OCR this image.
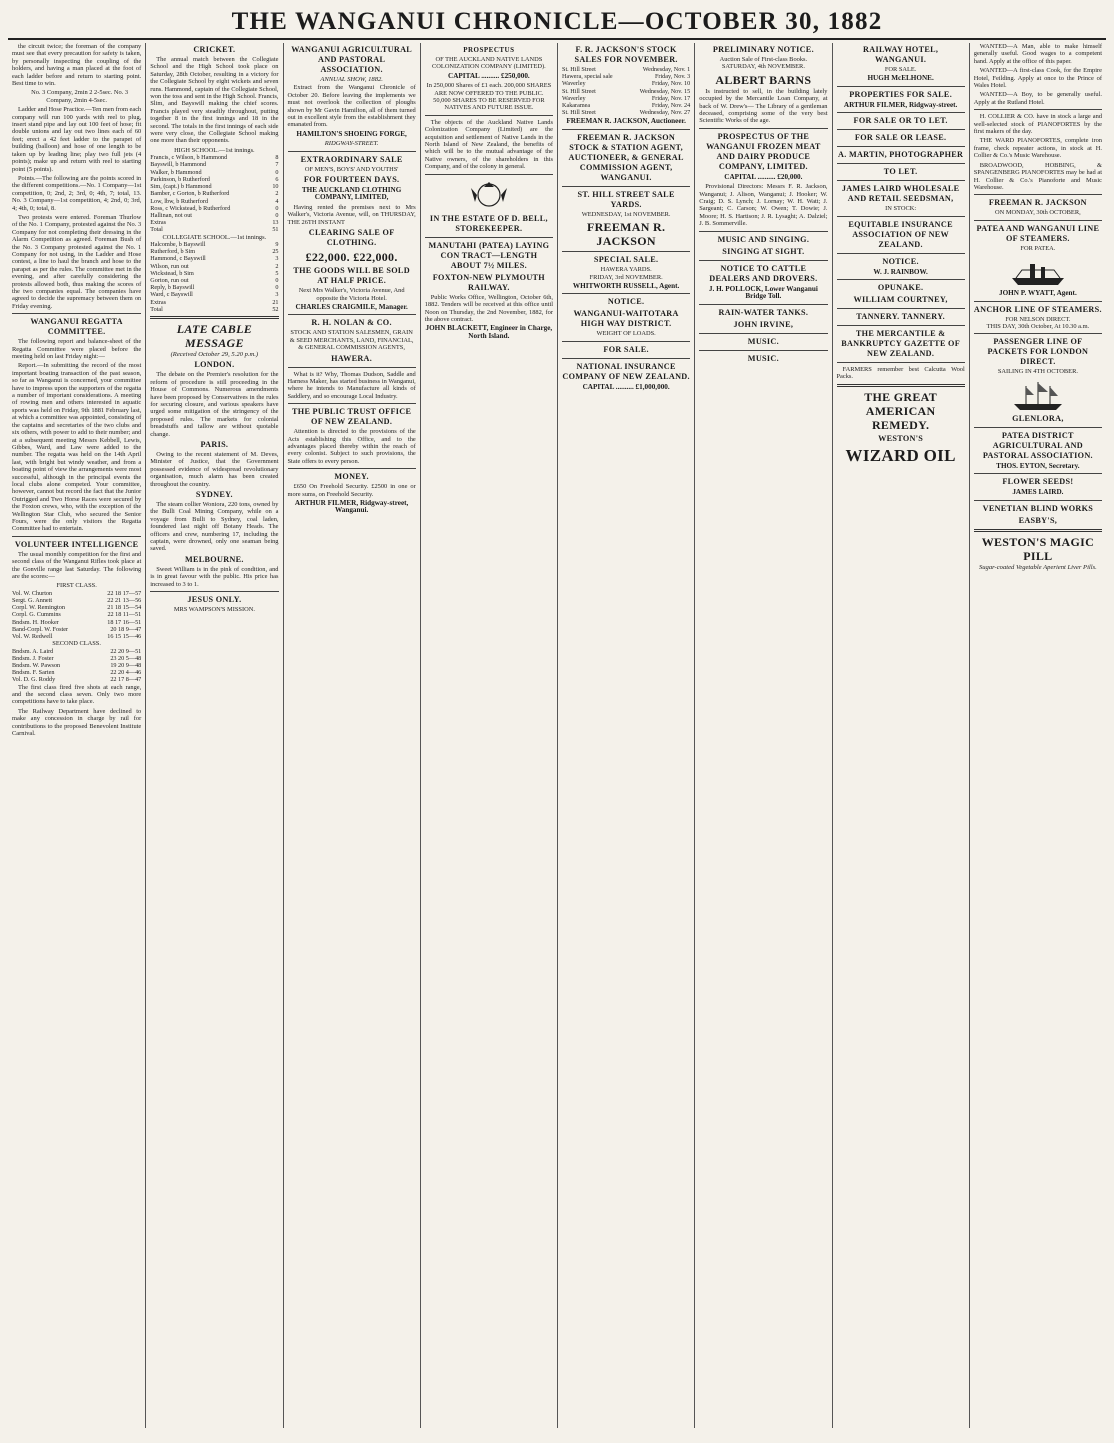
THE WANGANUI CHRONICLE—OCTOBER 30, 1882
the circuit twice; the foreman of the company must see that every precaution for safety is taken, by personally inspecting the coupling of the holders, and having a man placed at the foot of each ladder before and return to starting point. Best time to win.
No. 3 Company, 2min 2 2-5sec. No. 3 Company, 2min 4-5sec.
Ladder and Hose Practice.—Ten men from each company will run 100 yards with reel to plug, insert stand pipe and lay out 100 feet of hose; fit double unions and lay out two lines each of 60 feet; erect a 42 feet ladder to the parapet of building (balloon) and hose of one length to be taken up by leading line; play two full jets (4 points); make up and return with reel to starting point (5 points).
Points.—The following are the points scored in the different competitions.—No. 1 Company—1st competition, 0; 2nd, 2; 3rd, 0; 4th, 7; total, 13. No. 3 Company—1st competition, 4; 2nd, 0; 3rd, 4; 4th, 0; total, 8.
Two protests were entered. Foreman Thurlow of the No. 1 Company, protested against the No. 3 Company for not completing their dressing in the Alarm Competition as agreed. Foreman Bush of the No. 3 Company protested against the No. 1 Company for not using, in the Ladder and Hose contest, a line to haul the branch and hose to the parapet as per the rules. The committee met in the evening, and after carefully considering the protests allowed both, thus making the scores of the two companies equal. The companies have agreed to decide the supremacy between them on Friday evening.
WANGANUI REGATTA COMMITTEE.
The following report and balance-sheet of the Regatta Committee were placed before the meeting held on last Friday night:—
Report.—In submitting the record of the most important boating transaction of the past season, so far as Wanganui is concerned, your committee have to impress upon the supporters of the regatta a number of important considerations. A meeting of rowing men and others interested in aquatic sports was held on Friday, 9th 1881 February last, at which a committee was appointed, consisting of the captains and secretaries of the two clubs and six others, with power to add to their number; and at a subsequent meeting Messrs Kebbell, Lewis, Gibbes, Ward, and Law were added to the number. The regatta was held on the 14th April last, with bright but windy weather, and from a boating point of view the arrangements were most successful, although in the principal events the local clubs alone competed. Your committee, however, cannot but record the fact that the Junior Outrigged and Two Horse Races were secured by the Foxton crews, who, with the exception of the Wellington Star Club, who secured the Senior Fours, were the only visitors the Regatta Committee had to entertain.
VOLUNTEER INTELLIGENCE
The usual monthly competition for the first and second class of the Wanganui Rifles took place at the Gonville range last Saturday. The following are the scores:—
FIRST CLASS.
Vol. W. Churton	22 18 17—57
Sergt. G. Annett	22 21 13—56
Corpl. W. Remington	21 18 15—54
Corpl. G. Cummins	22 18 11—51
Bndsm. H. Hooker	18 17 16—51
Band-Corpl. W. Foster	20 18 9—47
Vol. W. Redwell	16 15 15—46
SECOND CLASS.
Bndsm. A. Laird	22 20 9—51
Bndsm. J. Foster	23 20 5—48
Bndsm. W. Pawson	19 20 9—48
Bndsm. F. Sarten	22 20 4—46
Vol. D. G. Roddy	22 17 8—47
The first class fired five shots at each range, and the second class seven. Only two more competitions have to take place.
The Railway Department have declined to make any concession in charge by rail for contributions to the proposed Benevolent Institute Carnival.
CRICKET.
The annual match between the Collegiate School and the High School took place on Saturday, 28th October, resulting in a victory for the Collegiate School by eight wickets and seven runs. Hammond, captain of the Collegiate School, won the toss and sent in the High School. Francis, Slim, and Bayswill making the chief scores. Francis played very steadily throughout, putting together 8 in the first innings and 18 in the second. The totals in the first innings of each side were very close, the Collegiate School making one more than their opponents.
HIGH SCHOOL.—1st innings.
Francis, c Wilson, b Hammond	8
Bayswill, b Hammond	7
Walker, b Hammond	0
Parkinson, b Rutherford	6
Sim, (capt.) b Hammond	10
Bamber, c Gorton, b Rutherford	2
Low, lbw, b Rutherford	4
Ross, c Wickstead, b Rutherford	0
Hallinan, not out	0
Extras	13
Total	51
COLLEGIATE SCHOOL.—1st innings.
Halcombe, b Bayswill	9
Rutherford, b Sim	25
Hammond, c Bayswill	3
Wilson, run out	2
Wickstead, b Sim	5
Gorton, run out	0
Reply, b Bayswill	0
Ward, c Bayswill	3
Extras	21
Total	52
LATE CABLE MESSAGE
(Received October 29, 5.20 p.m.)
LONDON.
The debate on the Premier's resolution for the reform of procedure is still proceeding in the House of Commons. Numerous amendments have been proposed by Conservatives in the rules for securing closure, and various speakers have urged some mitigation of the stringency of the proposed rules. The markets for colonial breadstuffs and tallow are without quotable change.
PARIS.
Owing to the recent statement of M. Deves, Minister of Justice, that the Government possessed evidence of widespread revolutionary organisation, much alarm has been created throughout the country.
SYDNEY.
The steam collier Woniora, 220 tons, owned by the Bulli Coal Mining Company, while on a voyage from Bulli to Sydney, coal laden, foundered last night off Botany Heads. The officers and crew, numbering 17, including the captain, were drowned, only one seaman being saved.
MELBOURNE.
Sweet William is in the pink of condition, and is in great favour with the public. His price has increased to 3 to 1.
JESUS ONLY.
MRS WAMPSON'S MISSION.
WANGANUI AGRICULTURAL AND PASTORAL ASSOCIATION.
ANNUAL SHOW, 1882.
Extract from the Wanganui Chronicle of October 20. Before leaving the implements we must not overlook the collection of ploughs shown by Mr Gavin Hamilton, all of them turned out in excellent style from the establishment they emanated from.
HAMILTON'S SHOEING FORGE,
RIDGWAY-STREET.
EXTRAORDINARY SALE
OF MEN'S, BOYS' AND YOUTHS'
FOR FOURTEEN DAYS.
THE AUCKLAND CLOTHING COMPANY, LIMITED,
Having rented the premises next to Mrs Walker's, Victoria Avenue, will, on THURSDAY, THE 26TH INSTANT
CLEARING SALE OF CLOTHING.
£22,000. £22,000.
THE GOODS WILL BE SOLD AT HALF PRICE.
Next Mrs Walker's, Victoria Avenue, And opposite the Victoria Hotel.
CHARLES CRAIGMILE, Manager.
R. H. NOLAN & CO.
STOCK AND STATION SALESMEN, GRAIN & SEED MERCHANTS, LAND, FINANCIAL, & GENERAL COMMISSION AGENTS,
HAWERA.
What is it? Why, Thomas Dudson, Saddle and Harness Maker, has started business in Wanganui, where he intends to Manufacture all kinds of Saddlery, and so encourage Local Industry.
THE PUBLIC TRUST OFFICE OF NEW ZEALAND.
Attention is directed to the provisions of the Acts establishing this Office, and to the advantages placed thereby within the reach of every colonist. Subject to such provisions, the State offers to every person.
MONEY.
£650 On Freehold Security. £2500 in one or more sums, on Freehold Security.
ARTHUR FILMER, Ridgway-street, Wanganui.
PROSPECTUS
OF THE AUCKLAND NATIVE LANDS COLONIZATION COMPANY (LIMITED).
CAPITAL .......... £250,000.
In 250,000 Shares of £1 each. 200,000 SHARES ARE NOW OFFERED TO THE PUBLIC. 50,000 SHARES TO BE RESERVED FOR NATIVES AND FUTURE ISSUE.
The objects of the Auckland Native Lands Colonization Company (Limited) are the acquisition and settlement of Native Lands in the North Island of New Zealand, the benefits of which will be to the mutual advantage of the Native owners, of the shareholders in this Company, and of the colony in general.
IN THE ESTATE OF D. BELL, STOREKEEPER.
MANUTAHI (PATEA) LAYING CON TRACT—LENGTH ABOUT 7½ MILES.
FOXTON-NEW PLYMOUTH RAILWAY.
Public Works Office, Wellington, October 6th, 1882. Tenders will be received at this office until Noon on Thursday, the 2nd November, 1882, for the above contract.
JOHN BLACKETT, Engineer in Charge, North Island.
F. R. JACKSON'S STOCK SALES FOR NOVEMBER.
St. Hill Street	Wednesday, Nov. 1
Hawera, special sale	Friday, Nov. 3
Waverley	Friday, Nov. 10
St. Hill Street	Wednesday, Nov. 15
Waverley	Friday, Nov. 17
Kakaramea	Friday, Nov. 24
St. Hill Street	Wednesday, Nov. 27
FREEMAN R. JACKSON, Auctioneer.
FREEMAN R. JACKSON STOCK & STATION AGENT, AUCTIONEER, & GENERAL COMMISSION AGENT, WANGANUI.
ST. HILL STREET SALE YARDS.
WEDNESDAY, 1st NOVEMBER.
FREEMAN R. JACKSON
SPECIAL SALE.
HAWERA YARDS.
FRIDAY, 3rd NOVEMBER.
WHITWORTH RUSSELL, Agent.
NOTICE.
WANGANUI-WAITOTARA HIGH WAY DISTRICT.
WEIGHT OF LOADS.
FOR SALE.
NATIONAL INSURANCE COMPANY OF NEW ZEALAND.
CAPITAL .......... £1,000,000.
PRELIMINARY NOTICE.
Auction Sale of First-class Books.
SATURDAY, 4th NOVEMBER.
ALBERT BARNS
Is instructed to sell, in the building lately occupied by the Mercantile Loan Company, at back of W. Drew's— The Library of a gentleman deceased, comprising some of the very best Scientific Works of the age.
PROSPECTUS OF THE WANGANUI FROZEN MEAT AND DAIRY PRODUCE COMPANY, LIMITED.
CAPITAL .......... £20,000.
Provisional Directors: Messrs F. R. Jackson, Wanganui; J. Alison, Wanganui; J. Hooker; W. Craig; D. S. Lynch; J. Lornay; W. H. Watt; J. Sargeant; C. Carson; W. Owen; T. Dowie; J. Moore; H. S. Hartison; J. R. Lysaght; A. Dalziel; J. B. Sommerville.
MUSIC AND SINGING.
SINGING AT SIGHT.
NOTICE TO CATTLE DEALERS AND DROVERS.
J. H. POLLOCK, Lower Wanganui Bridge Toll.
RAIN-WATER TANKS.
JOHN IRVINE,
MUSIC.
MUSIC.
RAILWAY HOTEL, WANGANUI.
FOR SALE.
HUGH McELHONE.
PROPERTIES FOR SALE.
ARTHUR FILMER, Ridgway-street.
FOR SALE OR TO LET.
FOR SALE OR LEASE.
A. MARTIN, PHOTOGRAPHER
TO LET.
JAMES LAIRD WHOLESALE AND RETAIL SEEDSMAN,
IN STOCK:
EQUITABLE INSURANCE ASSOCIATION OF NEW ZEALAND.
NOTICE.
W. J. RAINBOW.
OPUNAKE.
WILLIAM COURTNEY,
TANNERY. TANNERY.
THE MERCANTILE & BANKRUPTCY GAZETTE OF NEW ZEALAND.
FARMERS remember best Calcutta Wool Packs.
THE GREAT AMERICAN REMEDY.
WESTON'S
WIZARD OIL
WANTED—A Man, able to make himself generally useful. Good wages to a competent hand. Apply at the office of this paper.
WANTED—A first-class Cook, for the Empire Hotel, Feilding. Apply at once to the Prince of Wales Hotel.
WANTED—A Boy, to be generally useful. Apply at the Rutland Hotel.
H. COLLIER & CO. have in stock a large and well-selected stock of PIANOFORTES by the first makers of the day.
THE WARD PIANOFORTES, complete iron frame, check repeater actions, in stock at H. Collier & Co.'s Music Warehouse.
BROADWOOD, HOBBING, & SPANGENBERG PIANOFORTES may be had at H. Collier & Co.'s Pianoforte and Music Warehouse.
FREEMAN R. JACKSON
ON MONDAY, 30th OCTOBER,
PATEA AND WANGANUI LINE OF STEAMERS.
FOR PATEA.
JOHN P. WYATT, Agent.
ANCHOR LINE OF STEAMERS.
FOR NELSON DIRECT.
THIS DAY, 30th October, At 10.30 a.m.
PASSENGER LINE OF PACKETS FOR LONDON DIRECT.
SAILING IN 4TH OCTOBER.
GLENLORA,
PATEA DISTRICT AGRICULTURAL AND PASTORAL ASSOCIATION.
THOS. EYTON, Secretary.
FLOWER SEEDS!
JAMES LAIRD.
VENETIAN BLIND WORKS
EASBY'S,
WESTON'S MAGIC PILL
Sugar-coated Vegetable Aperient Liver Pills.
